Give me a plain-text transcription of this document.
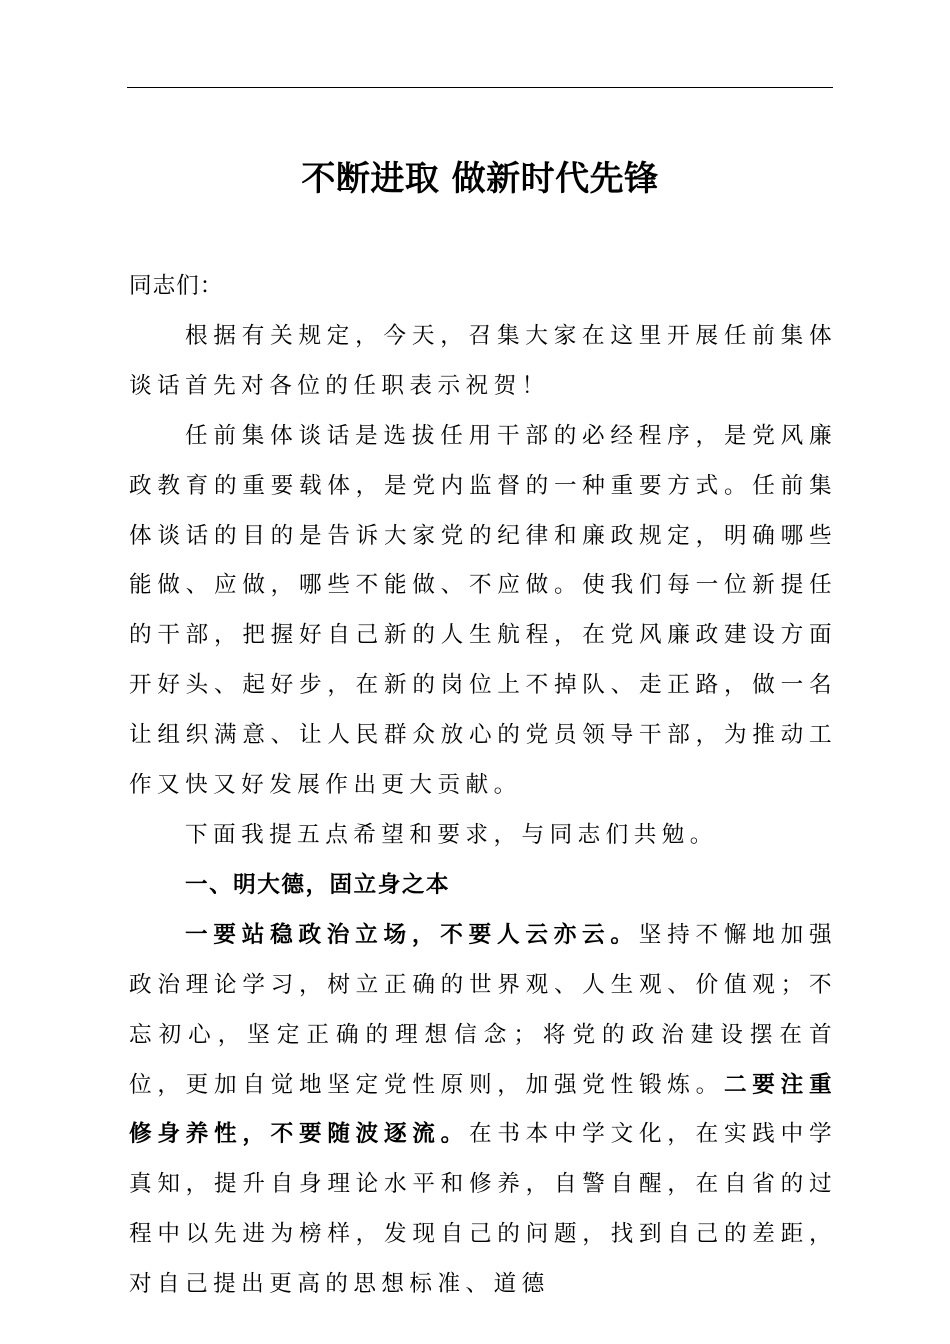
不断进取 做新时代先锋

同志们：

根据有关规定，今天，召集大家在这里开展任前集体谈话首先对各位的任职表示祝贺！

任前集体谈话是选拔任用干部的必经程序，是党风廉政教育的重要载体，是党内监督的一种重要方式。任前集体谈话的目的是告诉大家党的纪律和廉政规定，明确哪些能做、应做，哪些不能做、不应做。使我们每一位新提任的干部，把握好自己新的人生航程，在党风廉政建设方面开好头、起好步，在新的岗位上不掉队、走正路，做一名让组织满意、让人民群众放心的党员领导干部，为推动工作又快又好发展作出更大贡献。

下面我提五点希望和要求，与同志们共勉。

一、明大德，固立身之本

一要站稳政治立场，不要人云亦云。坚持不懈地加强政治理论学习，树立正确的世界观、人生观、价值观；不忘初心，坚定正确的理想信念；将党的政治建设摆在首位，更加自觉地坚定党性原则，加强党性锻炼。二要注重修身养性，不要随波逐流。在书本中学文化，在实践中学真知，提升自身理论水平和修养，自警自醒，在自省的过程中以先进为榜样，发现自己的问题，找到自己的差距，对自己提出更高的思想标准、道德
